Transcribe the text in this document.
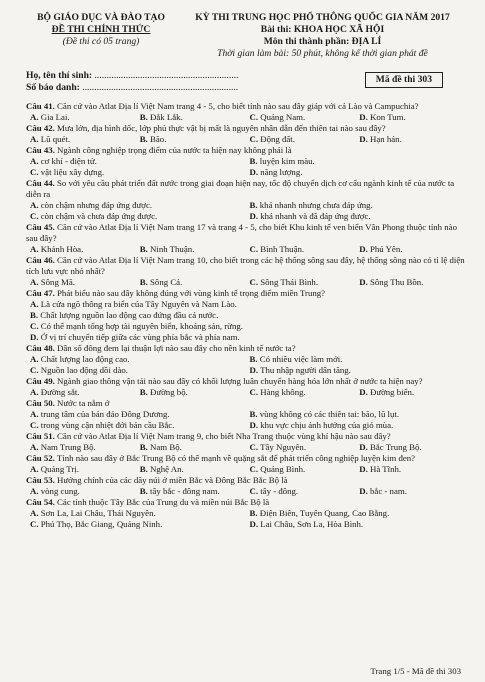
BỘ GIÁO DỤC VÀ ĐÀO TẠO
ĐỀ THI CHÍNH THỨC
(Đề thi có 05 trang)
KỲ THI TRUNG HỌC PHỔ THÔNG QUỐC GIA NĂM 2017
Bài thi: KHOA HỌC XÃ HỘI
Môn thi thành phần: ĐỊA LÍ
Thời gian làm bài: 50 phút, không kể thời gian phát đề
Họ, tên thí sinh: ............................................................
Số báo danh: .................................................................
Mã đề thi 303
Câu 41. Căn cứ vào Atlat Địa lí Việt Nam trang 4 - 5, cho biết tỉnh nào sau đây giáp với cả Lào và Campuchia?
A. Gia Lai.	B. Đắk Lắk.	C. Quảng Nam.	D. Kon Tum.
Câu 42. Mưa lớn, địa hình dốc, lớp phủ thực vật bị mất là nguyên nhân dẫn đến thiên tai nào sau đây?
A. Lũ quét.	B. Bão.	C. Động đất.	D. Hạn hán.
Câu 43. Ngành công nghiệp trọng điểm của nước ta hiện nay không phải là
A. cơ khí - điện tử.	B. luyện kim màu.
C. vật liệu xây dựng.	D. năng lượng.
Câu 44. So với yêu cầu phát triển đất nước trong giai đoạn hiện nay, tốc độ chuyển dịch cơ cấu ngành kinh tế của nước ta diễn ra
A. còn chậm nhưng đáp ứng được.	B. khá nhanh nhưng chưa đáp ứng.
C. còn chậm và chưa đáp ứng được.	D. khá nhanh và đã đáp ứng được.
Câu 45. Căn cứ vào Atlat Địa lí Việt Nam trang 17 và trang 4 - 5, cho biết Khu kinh tế ven biển Vân Phong thuộc tỉnh nào sau đây?
A. Khánh Hòa.	B. Ninh Thuận.	C. Bình Thuận.	D. Phú Yên.
Câu 46. Căn cứ vào Atlat Địa lí Việt Nam trang 10, cho biết trong các hệ thống sông sau đây, hệ thống sông nào có tỉ lệ diện tích lưu vực nhỏ nhất?
A. Sông Mã.	B. Sông Cả.	C. Sông Thái Bình.	D. Sông Thu Bồn.
Câu 47. Phát biểu nào sau đây không đúng với vùng kinh tế trọng điểm miền Trung?
A. Là cửa ngõ thông ra biển của Tây Nguyên và Nam Lào.
B. Chất lượng nguồn lao động cao đứng đầu cả nước.
C. Có thế mạnh tổng hợp tài nguyên biển, khoáng sản, rừng.
D. Ở vị trí chuyển tiếp giữa các vùng phía bắc và phía nam.
Câu 48. Dân số đông đem lại thuận lợi nào sau đây cho nền kinh tế nước ta?
A. Chất lượng lao động cao.	B. Có nhiều việc làm mới.
C. Nguồn lao động dồi dào.	D. Thu nhập người dân tăng.
Câu 49. Ngành giao thông vận tải nào sau đây có khối lượng luân chuyển hàng hóa lớn nhất ở nước ta hiện nay?
A. Đường sắt.	B. Đường bộ.	C. Hàng không.	D. Đường biển.
Câu 50. Nước ta nằm ở
A. trung tâm của bán đảo Đông Dương.	B. vùng không có các thiên tai: bão, lũ lụt.
C. trong vùng cận nhiệt đới bán cầu Bắc.	D. khu vực chịu ảnh hưởng của gió mùa.
Câu 51. Căn cứ vào Atlat Địa lí Việt Nam trang 9, cho biết Nha Trang thuộc vùng khí hậu nào sau đây?
A. Nam Trung Bộ.	B. Nam Bộ.	C. Tây Nguyên.	D. Bắc Trung Bộ.
Câu 52. Tỉnh nào sau đây ở Bắc Trung Bộ có thế mạnh về quặng sắt để phát triển công nghiệp luyện kim đen?
A. Quảng Trị.	B. Nghệ An.	C. Quảng Bình.	D. Hà Tĩnh.
Câu 53. Hướng chính của các dãy núi ở miền Bắc và Đông Bắc Bắc Bộ là
A. vòng cung.	B. tây bắc - đông nam.	C. tây - đông.	D. bắc - nam.
Câu 54. Các tỉnh thuộc Tây Bắc của Trung du và miền núi Bắc Bộ là
A. Sơn La, Lai Châu, Thái Nguyên.	B. Điện Biên, Tuyên Quang, Cao Bằng.
C. Phú Thọ, Bắc Giang, Quảng Ninh.	D. Lai Châu, Sơn La, Hòa Bình.
Trang 1/5 - Mã đề thi 303
